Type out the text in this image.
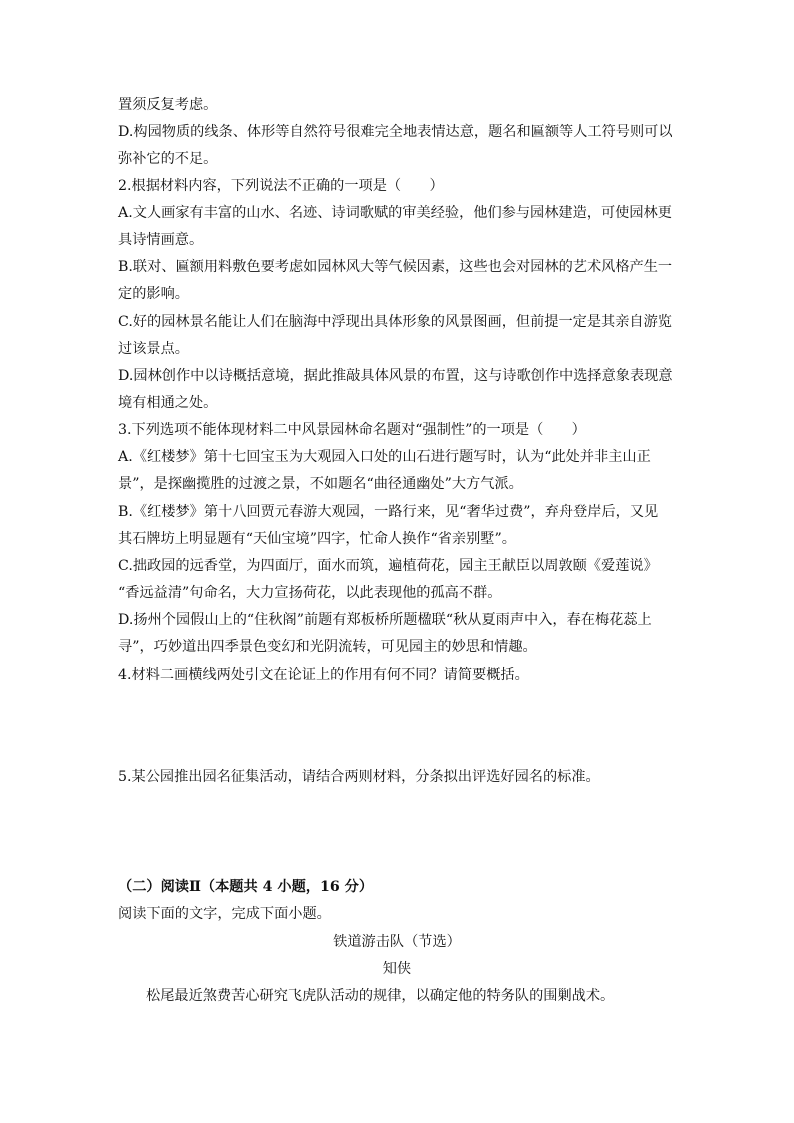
置须反复考虑。
D.构园物质的线条、体形等自然符号很难完全地表情达意，题名和匾额等人工符号则可以
弥补它的不足。
2.根据材料内容，下列说法不正确的一项是（　　）
A.文人画家有丰富的山水、名迹、诗词歌赋的审美经验，他们参与园林建造，可使园林更
具诗情画意。
B.联对、匾额用料敷色要考虑如园林风大等气候因素，这些也会对园林的艺术风格产生一
定的影响。
C.好的园林景名能让人们在脑海中浮现出具体形象的风景图画，但前提一定是其亲自游览
过该景点。
D.园林创作中以诗概括意境，据此推敲具体风景的布置，这与诗歌创作中选择意象表现意
境有相通之处。
3.下列选项不能体现材料二中风景园林命名题对“强制性”的一项是（　　）
A.《红楼梦》第十七回宝玉为大观园入口处的山石进行题写时，认为“此处并非主山正
景”，是探幽揽胜的过渡之景，不如题名“曲径通幽处”大方气派。
B.《红楼梦》第十八回贾元春游大观园，一路行来，见“奢华过费”，弃舟登岸后，又见
其石牌坊上明显题有“天仙宝境”四字，忙命人换作“省亲别墅”。
C.拙政园的远香堂，为四面厅，面水而筑，遍植荷花，园主王献臣以周敦颐《爱莲说》
“香远益清”句命名，大力宣扬荷花，以此表现他的孤高不群。
D.扬州个园假山上的“住秋阁”前题有郑板桥所题楹联“秋从夏雨声中入，春在梅花蕊上
寻”，巧妙道出四季景色变幻和光阴流转，可见园主的妙思和情趣。
4.材料二画横线两处引文在论证上的作用有何不同？请简要概括。
5.某公园推出园名征集活动，请结合两则材料，分条拟出评选好园名的标准。
（二）阅读Ⅱ（本题共 4 小题，16 分）
阅读下面的文字，完成下面小题。
铁道游击队（节选）
知侠
松尾最近煞费苦心研究飞虎队活动的规律，以确定他的特务队的围剿战术。
